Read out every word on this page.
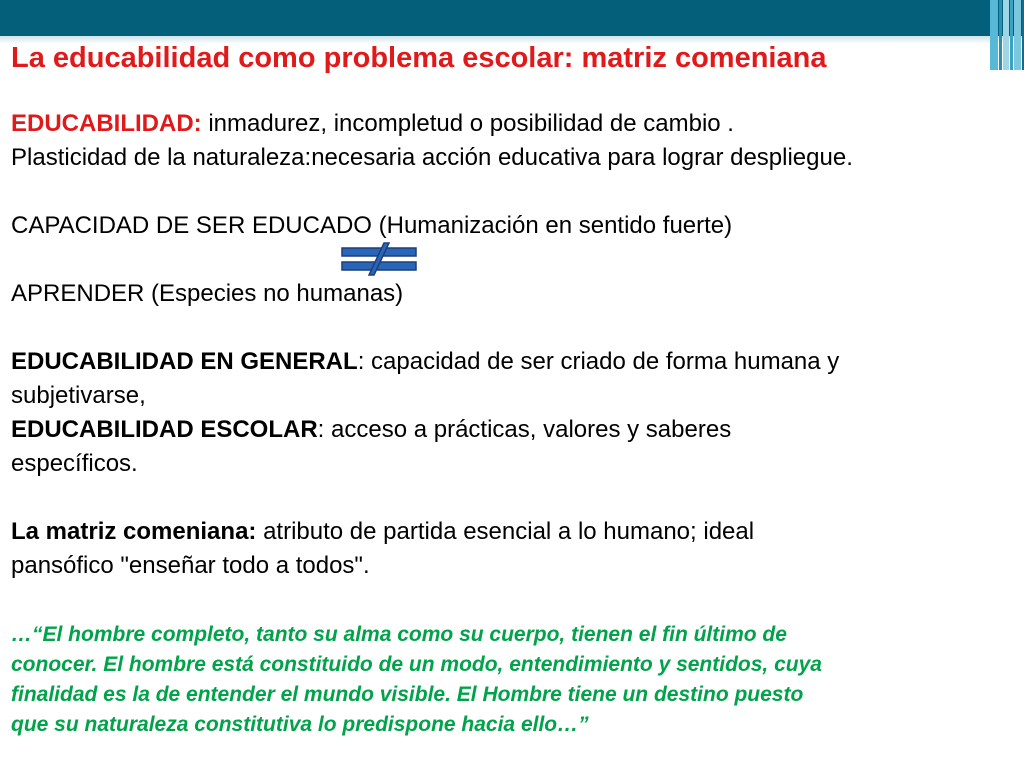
La educabilidad como problema escolar: matriz comeniana

EDUCABILIDAD: inmadurez, incompletud o posibilidad de cambio .

Plasticidad de la naturaleza:necesaria acción educativa para lograr despliegue.

CAPACIDAD DE SER EDUCADO (Humanización en sentido fuerte)

APRENDER (Especies no humanas)

EDUCABILIDAD EN GENERAL: capacidad de ser criado de forma humana y

subjetivarse,

EDUCABILIDAD ESCOLAR: acceso a prácticas, valores y saberes

específicos.

La matriz comeniana: atributo de partida esencial a lo humano; ideal

pansófico "enseñar todo a todos".

…“El hombre completo, tanto su alma como su cuerpo, tienen el fin último de

conocer. El hombre está constituido de un modo, entendimiento y sentidos, cuya

finalidad es la de entender el mundo visible. El Hombre tiene un destino puesto

que su naturaleza constitutiva lo predispone hacia ello…”
